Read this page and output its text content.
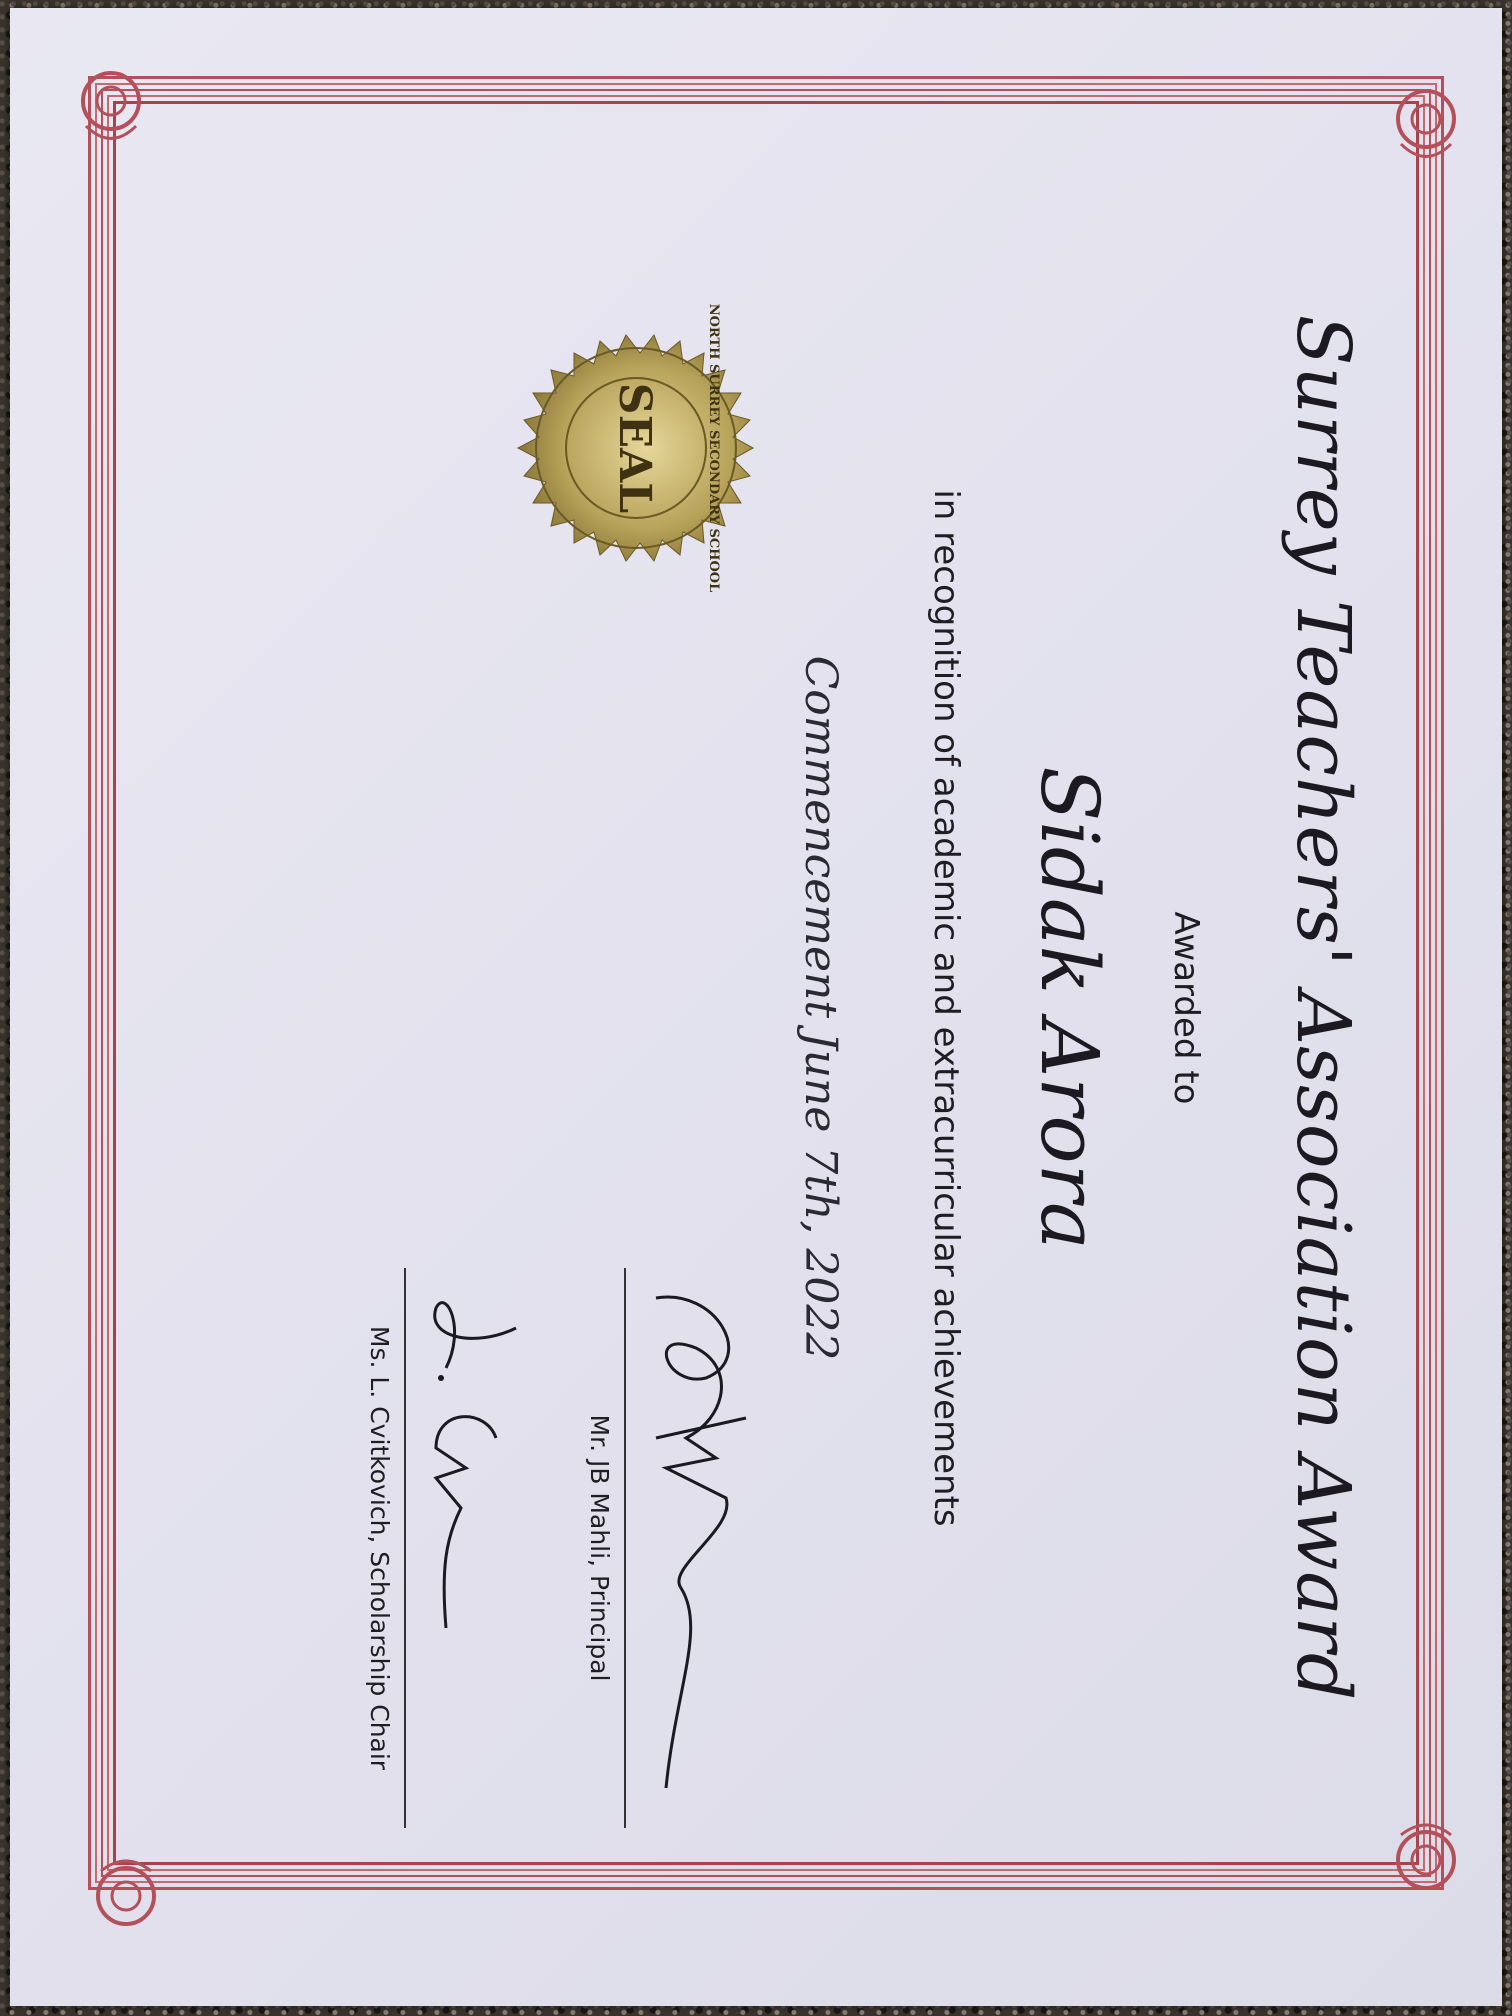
Surrey Teachers' Association Award
Awarded to
Sidak Arora
in recognition of academic and extracurricular achievements
Commencement June 7th, 2022
Mr. JB Mahli, Principal
Ms. L. Cvitkovich, Scholarship Chair
SEAL	NORTH SURREY SECONDARY SCHOOL
